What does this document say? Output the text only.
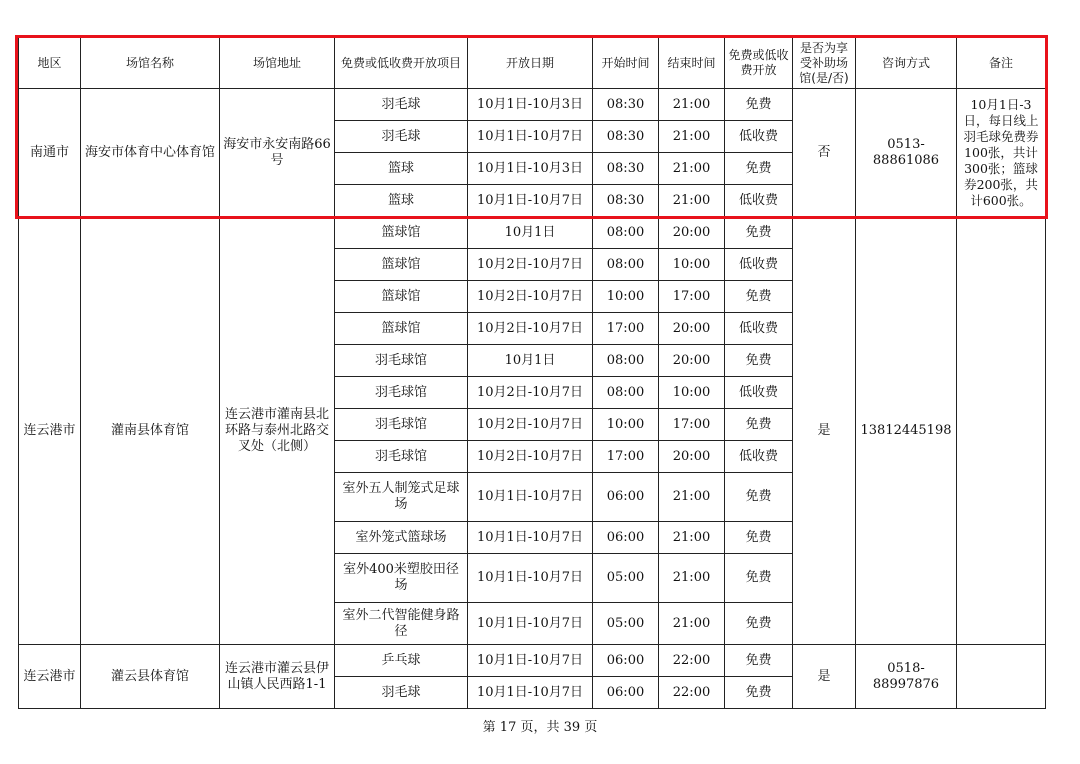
地区	场馆名称	场馆地址	免费或低收费开放项目	开放日期	开始时间	结束时间	免费或低收费开放	是否为享受补助场馆(是/否)	咨询方式	备注
南通市	海安市体育中心体育馆	海安市永安南路66号	羽毛球	10月1日-10月3日	08:30	21:00	免费	否	0513-88861086	10月1日-3日，每日线上羽毛球免费券100张，共计300张；篮球券200张，共计600张。
			羽毛球	10月1日-10月7日	08:30	21:00	低收费			
			篮球	10月1日-10月3日	08:30	21:00	免费			
			篮球	10月1日-10月7日	08:30	21:00	低收费			
连云港市	灌南县体育馆	连云港市灌南县北环路与泰州北路交叉处（北侧）	篮球馆	10月1日	08:00	20:00	免费	是	13812445198	
			篮球馆	10月2日-10月7日	08:00	10:00	低收费			
			篮球馆	10月2日-10月7日	10:00	17:00	免费			
			篮球馆	10月2日-10月7日	17:00	20:00	低收费			
			羽毛球馆	10月1日	08:00	20:00	免费			
			羽毛球馆	10月2日-10月7日	08:00	10:00	低收费			
			羽毛球馆	10月2日-10月7日	10:00	17:00	免费			
			羽毛球馆	10月2日-10月7日	17:00	20:00	低收费			
			室外五人制笼式足球场	10月1日-10月7日	06:00	21:00	免费			
			室外笼式篮球场	10月1日-10月7日	06:00	21:00	免费			
			室外400米塑胶田径场	10月1日-10月7日	05:00	21:00	免费			
			室外二代智能健身路径	10月1日-10月7日	05:00	21:00	免费			
连云港市	灌云县体育馆	连云港市灌云县伊山镇人民西路1-1	乒乓球	10月1日-10月7日	06:00	22:00	免费	是	0518-88997876	
			羽毛球	10月1日-10月7日	06:00	22:00	免费			
第 17 页，共 39 页
